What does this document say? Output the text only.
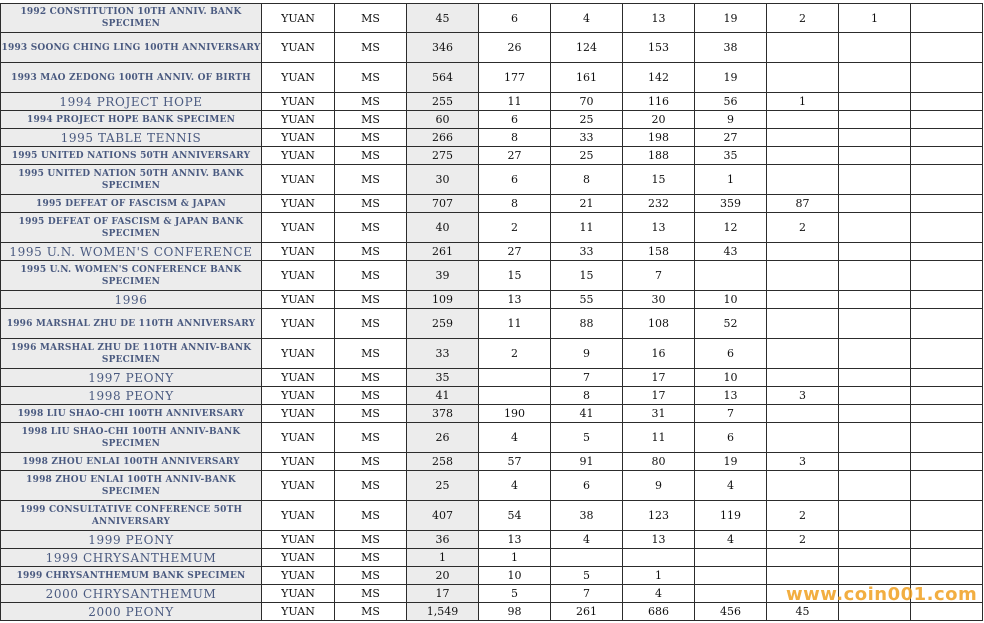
1992 CONSTITUTION 10TH ANNIV. BANK SPECIMEN	YUAN	MS	45	6	4	13	19	2	1	
1993 SOONG CHING LING 100TH ANNIVERSARY	YUAN	MS	346	26	124	153	38			
1993 MAO ZEDONG 100TH ANNIV. OF BIRTH	YUAN	MS	564	177	161	142	19			
1994 PROJECT HOPE	YUAN	MS	255	11	70	116	56	1		
1994 PROJECT HOPE BANK SPECIMEN	YUAN	MS	60	6	25	20	9			
1995 TABLE TENNIS	YUAN	MS	266	8	33	198	27			
1995 UNITED NATIONS 50TH ANNIVERSARY	YUAN	MS	275	27	25	188	35			
1995 UNITED NATION 50TH ANNIV. BANK SPECIMEN	YUAN	MS	30	6	8	15	1			
1995 DEFEAT OF FASCISM & JAPAN	YUAN	MS	707	8	21	232	359	87		
1995 DEFEAT OF FASCISM & JAPAN BANK SPECIMEN	YUAN	MS	40	2	11	13	12	2		
1995 U.N. WOMEN'S CONFERENCE	YUAN	MS	261	27	33	158	43			
1995 U.N. WOMEN'S CONFERENCE BANK SPECIMEN	YUAN	MS	39	15	15	7				
1996	YUAN	MS	109	13	55	30	10			
1996 MARSHAL ZHU DE 110TH ANNIVERSARY	YUAN	MS	259	11	88	108	52			
1996 MARSHAL ZHU DE 110TH ANNIV-BANK SPECIMEN	YUAN	MS	33	2	9	16	6			
1997 PEONY	YUAN	MS	35		7	17	10			
1998 PEONY	YUAN	MS	41		8	17	13	3		
1998 LIU SHAO-CHI 100TH ANNIVERSARY	YUAN	MS	378	190	41	31	7			
1998 LIU SHAO-CHI 100TH ANNIV-BANK SPECIMEN	YUAN	MS	26	4	5	11	6			
1998 ZHOU ENLAI 100TH ANNIVERSARY	YUAN	MS	258	57	91	80	19	3		
1998 ZHOU ENLAI 100TH ANNIV-BANK SPECIMEN	YUAN	MS	25	4	6	9	4			
1999 CONSULTATIVE CONFERENCE 50TH ANNIVERSARY	YUAN	MS	407	54	38	123	119	2		
1999 PEONY	YUAN	MS	36	13	4	13	4	2		
1999 CHRYSANTHEMUM	YUAN	MS	1	1						
1999 CHRYSANTHEMUM BANK SPECIMEN	YUAN	MS	20	10	5	1				
2000 CHRYSANTHEMUM	YUAN	MS	17	5	7	4				
2000 PEONY	YUAN	MS	1,549	98	261	686	456	45		
www.coin001.com
